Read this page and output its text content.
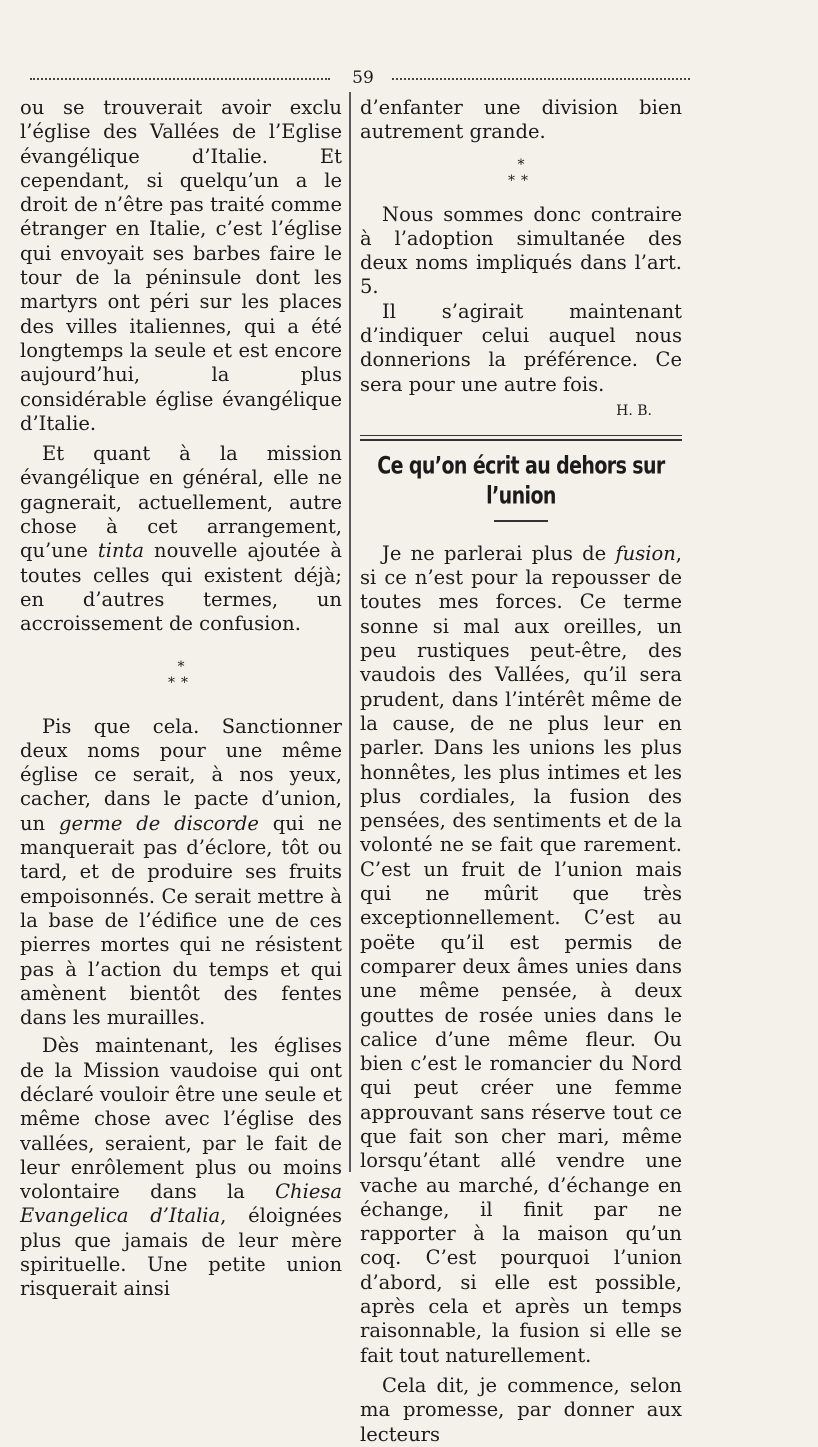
59

ou se trouverait avoir exclu l’église des Vallées de l’Eglise évangélique d’Italie. Et cependant, si quelqu’un a le droit de n’être pas traité comme étranger en Italie, c’est l’église qui envoyait ses barbes faire le tour de la péninsule dont les martyrs ont péri sur les places des villes italiennes, qui a été longtemps la seule et est encore aujourd’hui, la plus considérable église évangélique d’Italie.

Et quant à la mission évangélique en général, elle ne gagnerait, actuellement, autre chose à cet arrangement, qu’une tinta nouvelle ajoutée à toutes celles qui existent déjà; en d’autres termes, un accroissement de confusion.

*
**

Pis que cela. Sanctionner deux noms pour une même église ce serait, à nos yeux, cacher, dans le pacte d’union, un germe de discorde qui ne manquerait pas d’éclore, tôt ou tard, et de produire ses fruits empoisonnés. Ce serait mettre à la base de l’édifice une de ces pierres mortes qui ne résistent pas à l’action du temps et qui amènent bientôt des fentes dans les murailles.

Dès maintenant, les églises de la Mission vaudoise qui ont déclaré vouloir être une seule et même chose avec l’église des vallées, seraient, par le fait de leur enrôlement plus ou moins volontaire dans la Chiesa Evangelica d’Italia, éloignées plus que jamais de leur mère spirituelle. Une petite union risquerait ainsi

d’enfanter une division bien autrement grande.

*
**

Nous sommes donc contraire à l’adoption simultanée des deux noms impliqués dans l’art. 5.

Il s’agirait maintenant d’indiquer celui auquel nous donnerions la préférence. Ce sera pour une autre fois.

H. B.
Ce qu’on écrit au dehors sur l’union

Je ne parlerai plus de fusion, si ce n’est pour la repousser de toutes mes forces. Ce terme sonne si mal aux oreilles, un peu rustiques peut-être, des vaudois des Vallées, qu’il sera prudent, dans l’intérêt même de la cause, de ne plus leur en parler. Dans les unions les plus honnêtes, les plus intimes et les plus cordiales, la fusion des pensées, des sentiments et de la volonté ne se fait que rarement. C’est un fruit de l’union mais qui ne mûrit que très exceptionnellement. C’est au poëte qu’il est permis de comparer deux âmes unies dans une même pensée, à deux gouttes de rosée unies dans le calice d’une même fleur. Ou bien c’est le romancier du Nord qui peut créer une femme approuvant sans réserve tout ce que fait son cher mari, même lorsqu’étant allé vendre une vache au marché, d’échange en échange, il finit par ne rapporter à la maison qu’un coq. C’est pourquoi l’union d’abord, si elle est possible, après cela et après un temps raisonnable, la fusion si elle se fait tout naturellement.

Cela dit, je commence, selon ma promesse, par donner aux lecteurs
